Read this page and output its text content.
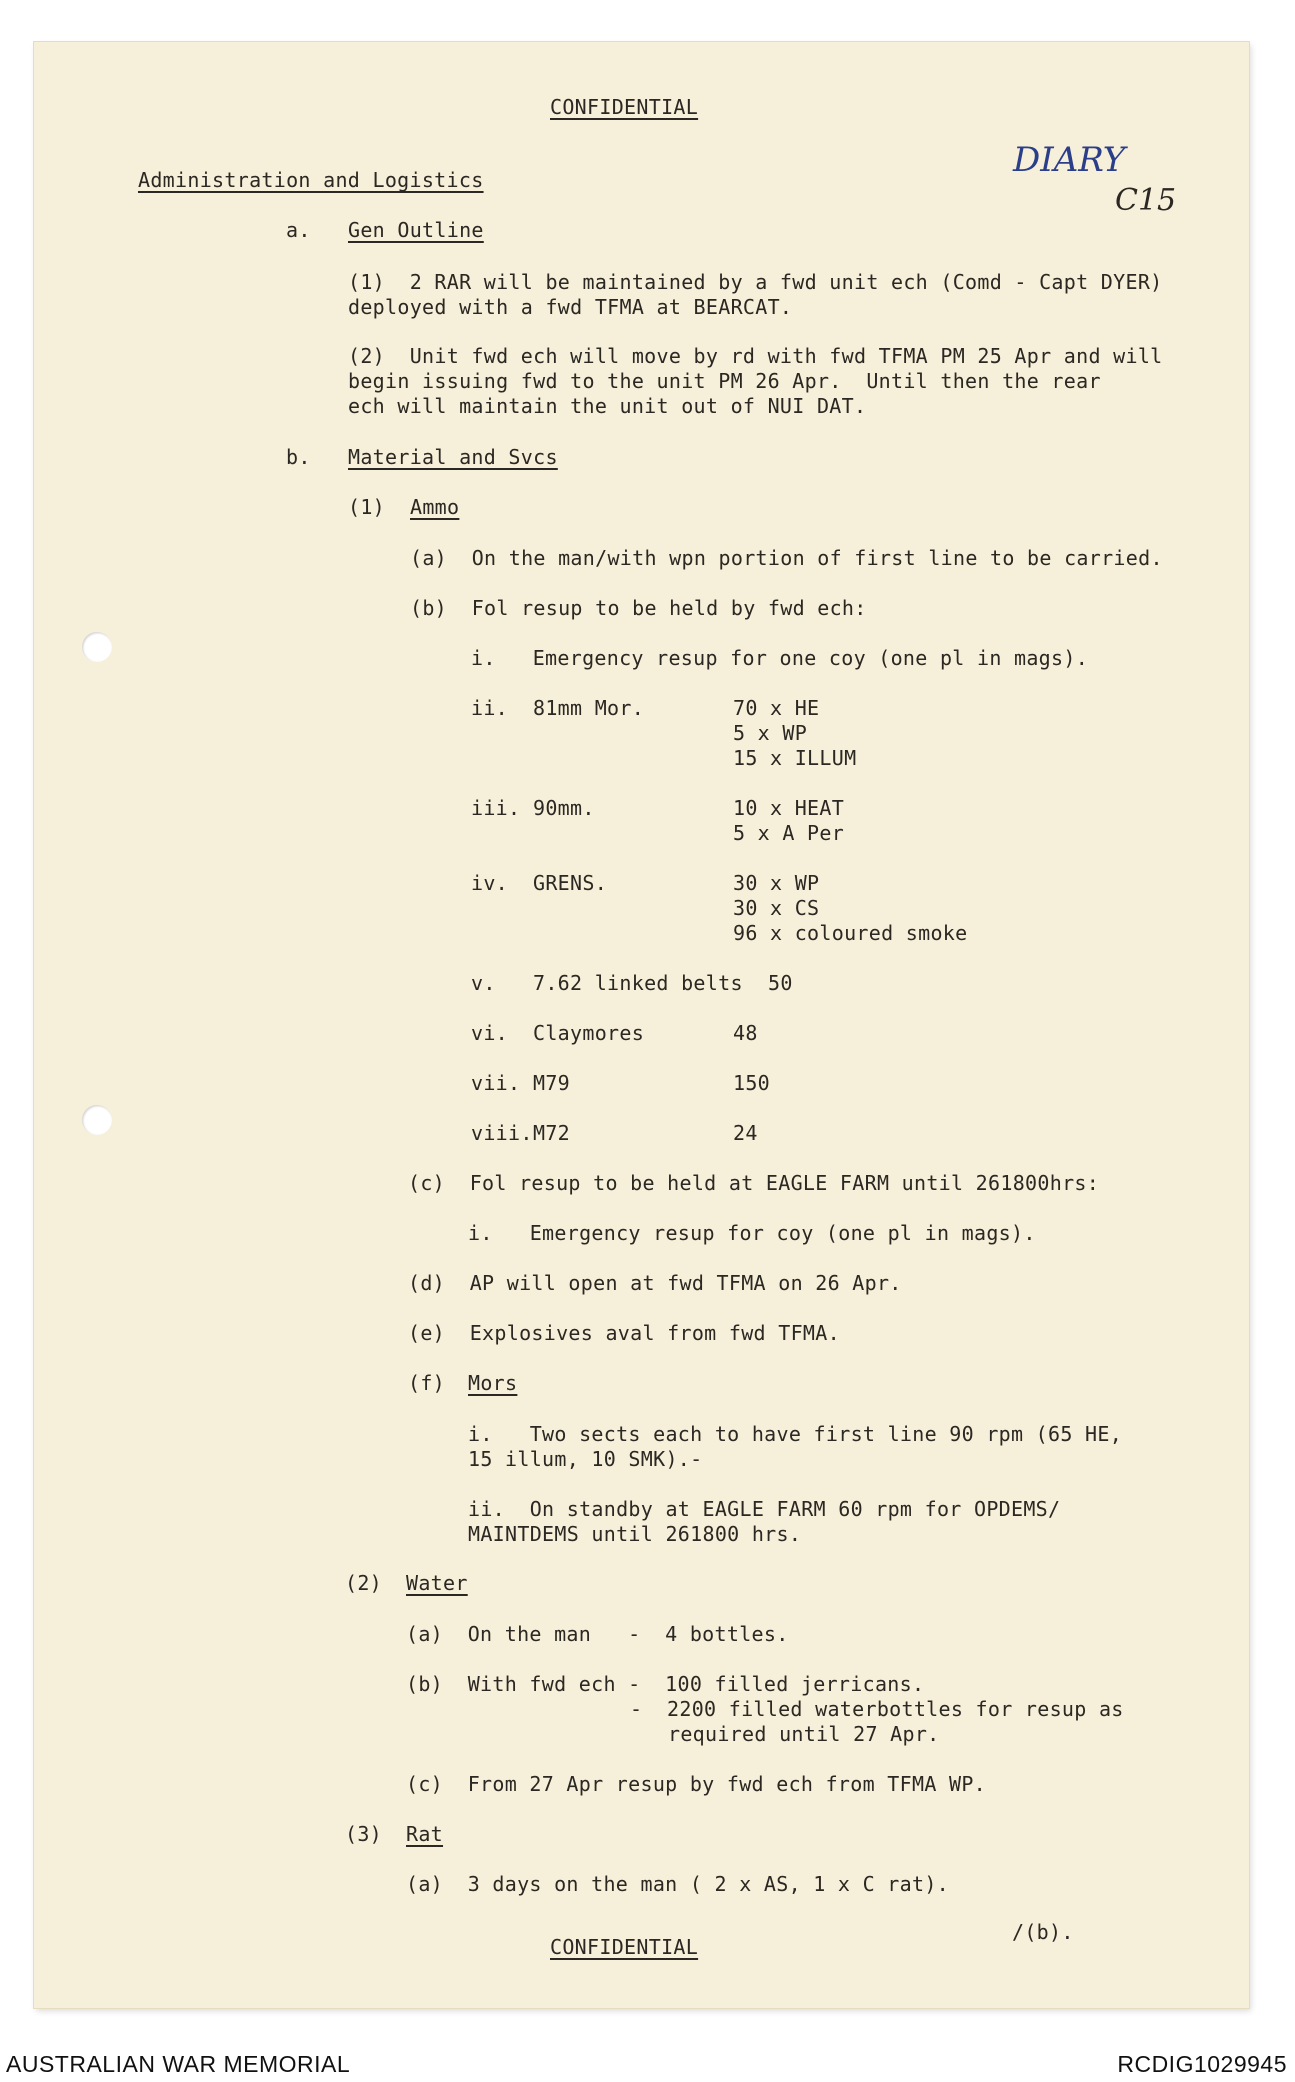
CONFIDENTIAL
DIARY
C15
Administration and Logistics
a. Gen Outline
(1)  2 RAR will be maintained by a fwd unit ech (Comd - Capt DYER)
deployed with a fwd TFMA at BEARCAT.
(2)  Unit fwd ech will move by rd with fwd TFMA PM 25 Apr and will
begin issuing fwd to the unit PM 26 Apr.  Until then the rear
ech will maintain the unit out of NUI DAT.
b. Material and Svcs
(1) Ammo
(a)  On the man/with wpn portion of first line to be carried.
(b)  Fol resup to be held by fwd ech:
i.   Emergency resup for one coy (one pl in mags).
ii. 81mm Mor.	70 x HE
5 x WP
15 x ILLUM
iii. 90mm.	10 x HEAT
5 x A Per
iv. GRENS.	30 x WP
30 x CS
96 x coloured smoke
v. 7.62 linked belts 50
vi. Claymores	48
vii. M79	150
viii. M72	24
(c)  Fol resup to be held at EAGLE FARM until 261800hrs:
i.   Emergency resup for coy (one pl in mags).
(d)  AP will open at fwd TFMA on 26 Apr.
(e)  Explosives aval from fwd TFMA.
(f) Mors
i.   Two sects each to have first line 90 rpm (65 HE,
15 illum, 10 SMK).-
ii.  On standby at EAGLE FARM 60 rpm for OPDEMS/
MAINTDEMS until 261800 hrs.
(2) Water
(a)  On the man   -  4 bottles.
(b)  With fwd ech -  100 filled jerricans.
-  2200 filled waterbottles for resup as
required until 27 Apr.
(c)  From 27 Apr resup by fwd ech from TFMA WP.
(3) Rat
(a)  3 days on the man ( 2 x AS, 1 x C rat).
CONFIDENTIAL
/(b).
AUSTRALIAN WAR MEMORIAL	RCDIG1029945
